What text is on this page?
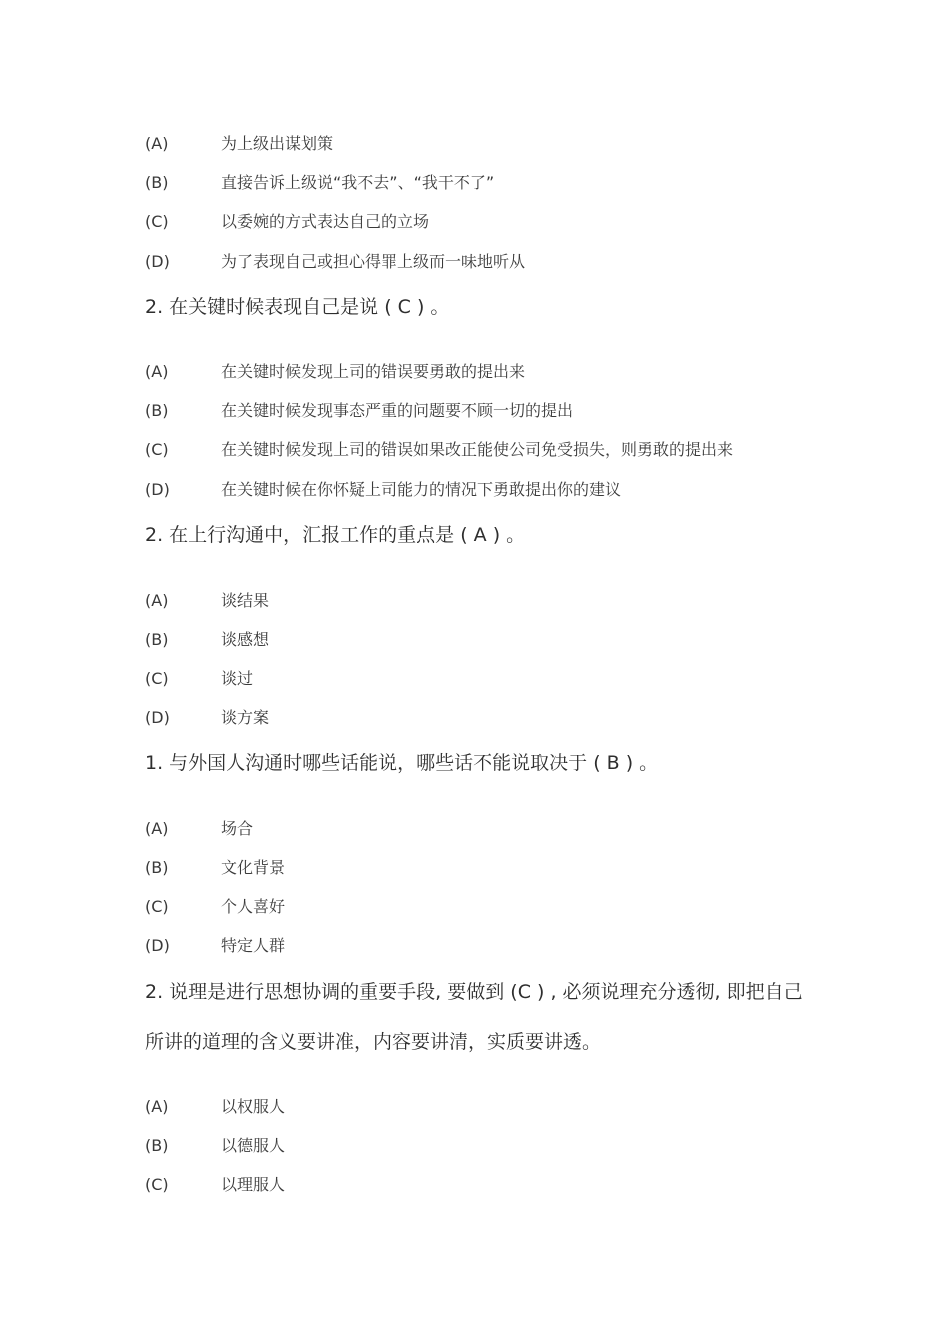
(A)	为上级出谋划策
(B)	直接告诉上级说“我不去”、“我干不了”
(C)	以委婉的方式表达自己的立场
(D)	为了表现自己或担心得罪上级而一味地听从
2. 在关键时候表现自己是说 ( C ) 。
(A)	在关键时候发现上司的错误要勇敢的提出来
(B)	在关键时候发现事态严重的问题要不顾一切的提出
(C)	在关键时候发现上司的错误如果改正能使公司免受损失，则勇敢的提出来
(D)	在关键时候在你怀疑上司能力的情况下勇敢提出你的建议
2. 在上行沟通中，汇报工作的重点是 ( A ) 。
(A)	谈结果
(B)	谈感想
(C)	谈过
(D)	谈方案
1. 与外国人沟通时哪些话能说，哪些话不能说取决于 ( B ) 。
(A)	场合
(B)	文化背景
(C)	个人喜好
(D)	特定人群
2. 说理是进行思想协调的重要手段, 要做到 (C ) , 必须说理充分透彻, 即把自己
所讲的道理的含义要讲准，内容要讲清，实质要讲透。
(A)	以权服人
(B)	以德服人
(C)	以理服人
